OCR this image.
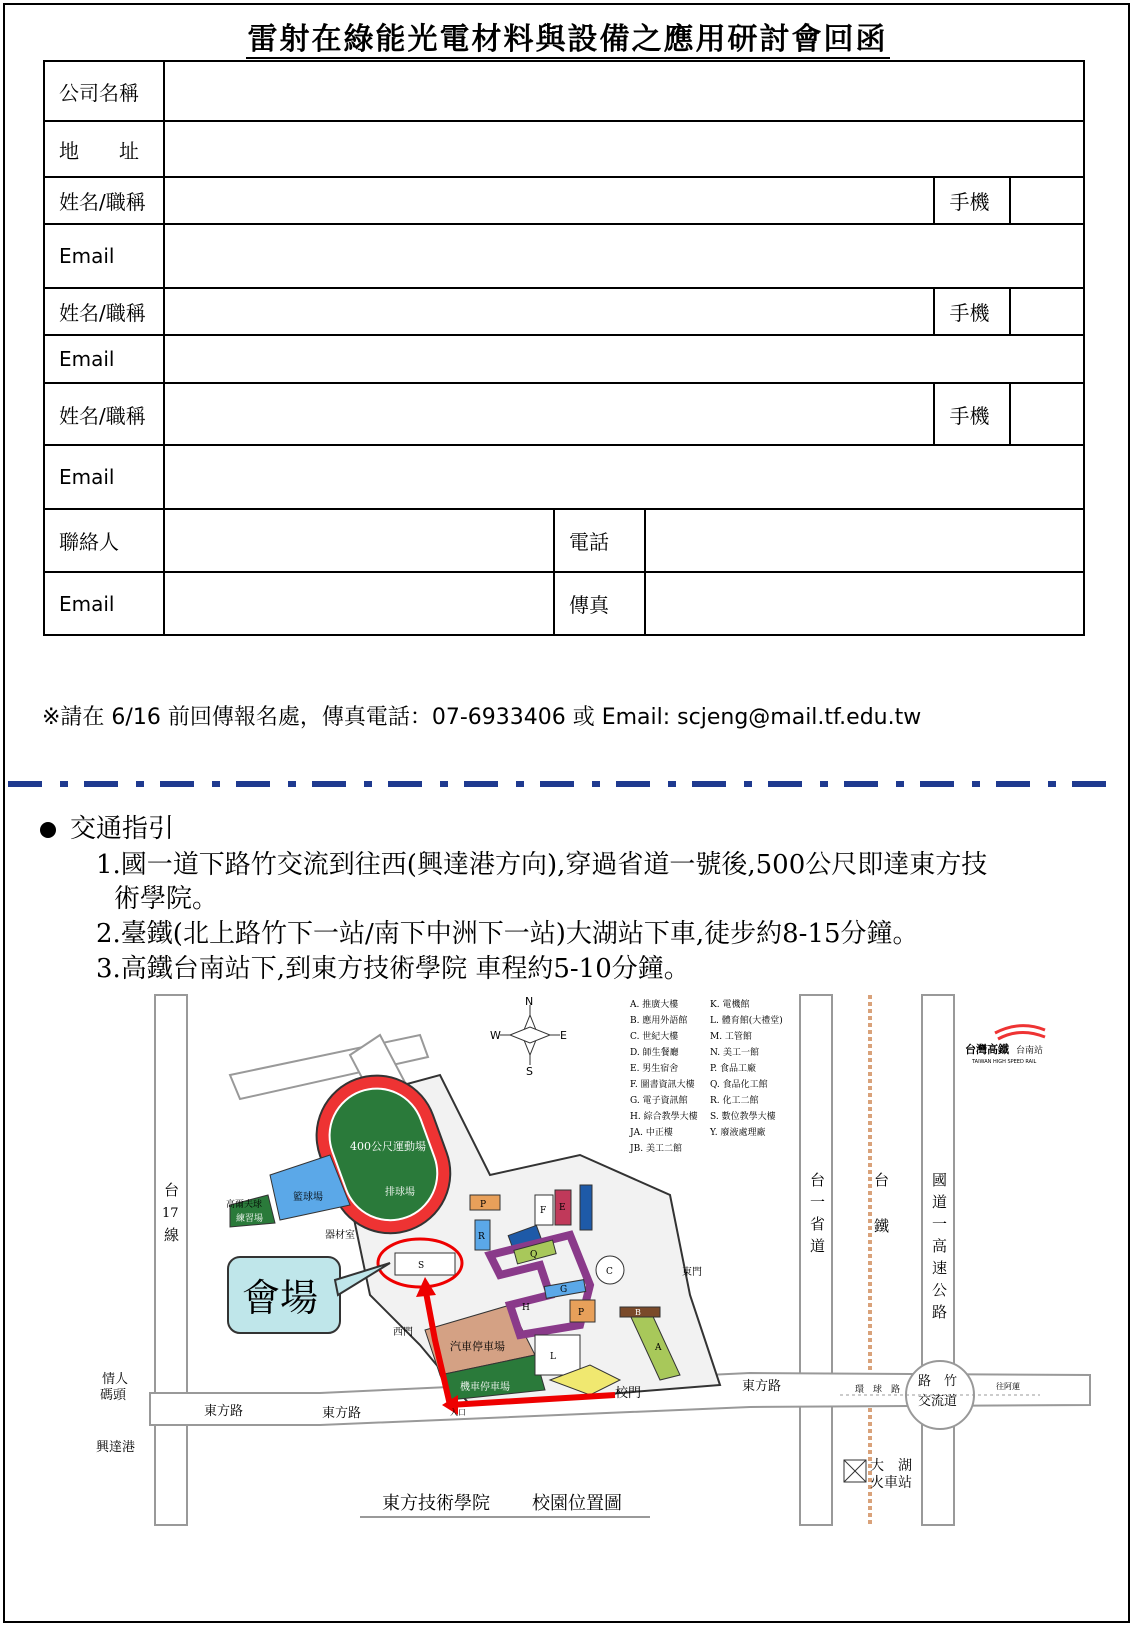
雷射在綠能光電材料與設備之應用研討會回函
公司名稱					
地　　址					
姓名/職稱				手機	
Email					
姓名/職稱				手機	
Email					
姓名/職稱				手機	
Email					
聯絡人		電話			
Email		傳真			
※請在 6/16 前回傳報名處，傳真電話：07-6933406 或 Email: scjeng@mail.tf.edu.tw
交通指引
1.國一道下路竹交流到往西(興達港方向),穿過省道一號後,500公尺即達東方技
術學院。
2.臺鐵(北上路竹下一站/南下中洲下一站)大湖站下車,徒步約8-15分鐘。
3.高鐵台南站下,到東方技術學院 車程約5-10分鐘。
400公尺運動場
排球場
籃球場
高爾夫球
練習場
器材室
S
汽車停車場
機車停車場
P
R
F E
H
Q
G
P
C
L
A
B
會場
N
S
E
W
A. 推廣大樓
B. 應用外語館
C. 世紀大樓
D. 師生餐廳
E. 男生宿舍
F. 圖書資訊大樓
G. 電子資訊館
H. 綜合教學大樓
JA. 中正樓
JB. 美工二館
K. 電機館
L. 體育館(大禮堂)
M. 工管館
N. 美工一館
P. 食品工廠
Q. 食品化工館
R. 化工二館
S. 數位教學大樓
Y. 廢液處理廠
台灣高鐵 台南站
TAIWAN HIGH SPEED RAIL
台
17
線
台
一
省
道
台
鐵
國
道
一
高
速
公
路
東門
西門
校門
入口
東方路	東方路
東方路	環　球　路
路　竹
交流道
往阿蓮
情人
碼頭
興達港
大　湖
火車站
東方技術學院 校園位置圖
